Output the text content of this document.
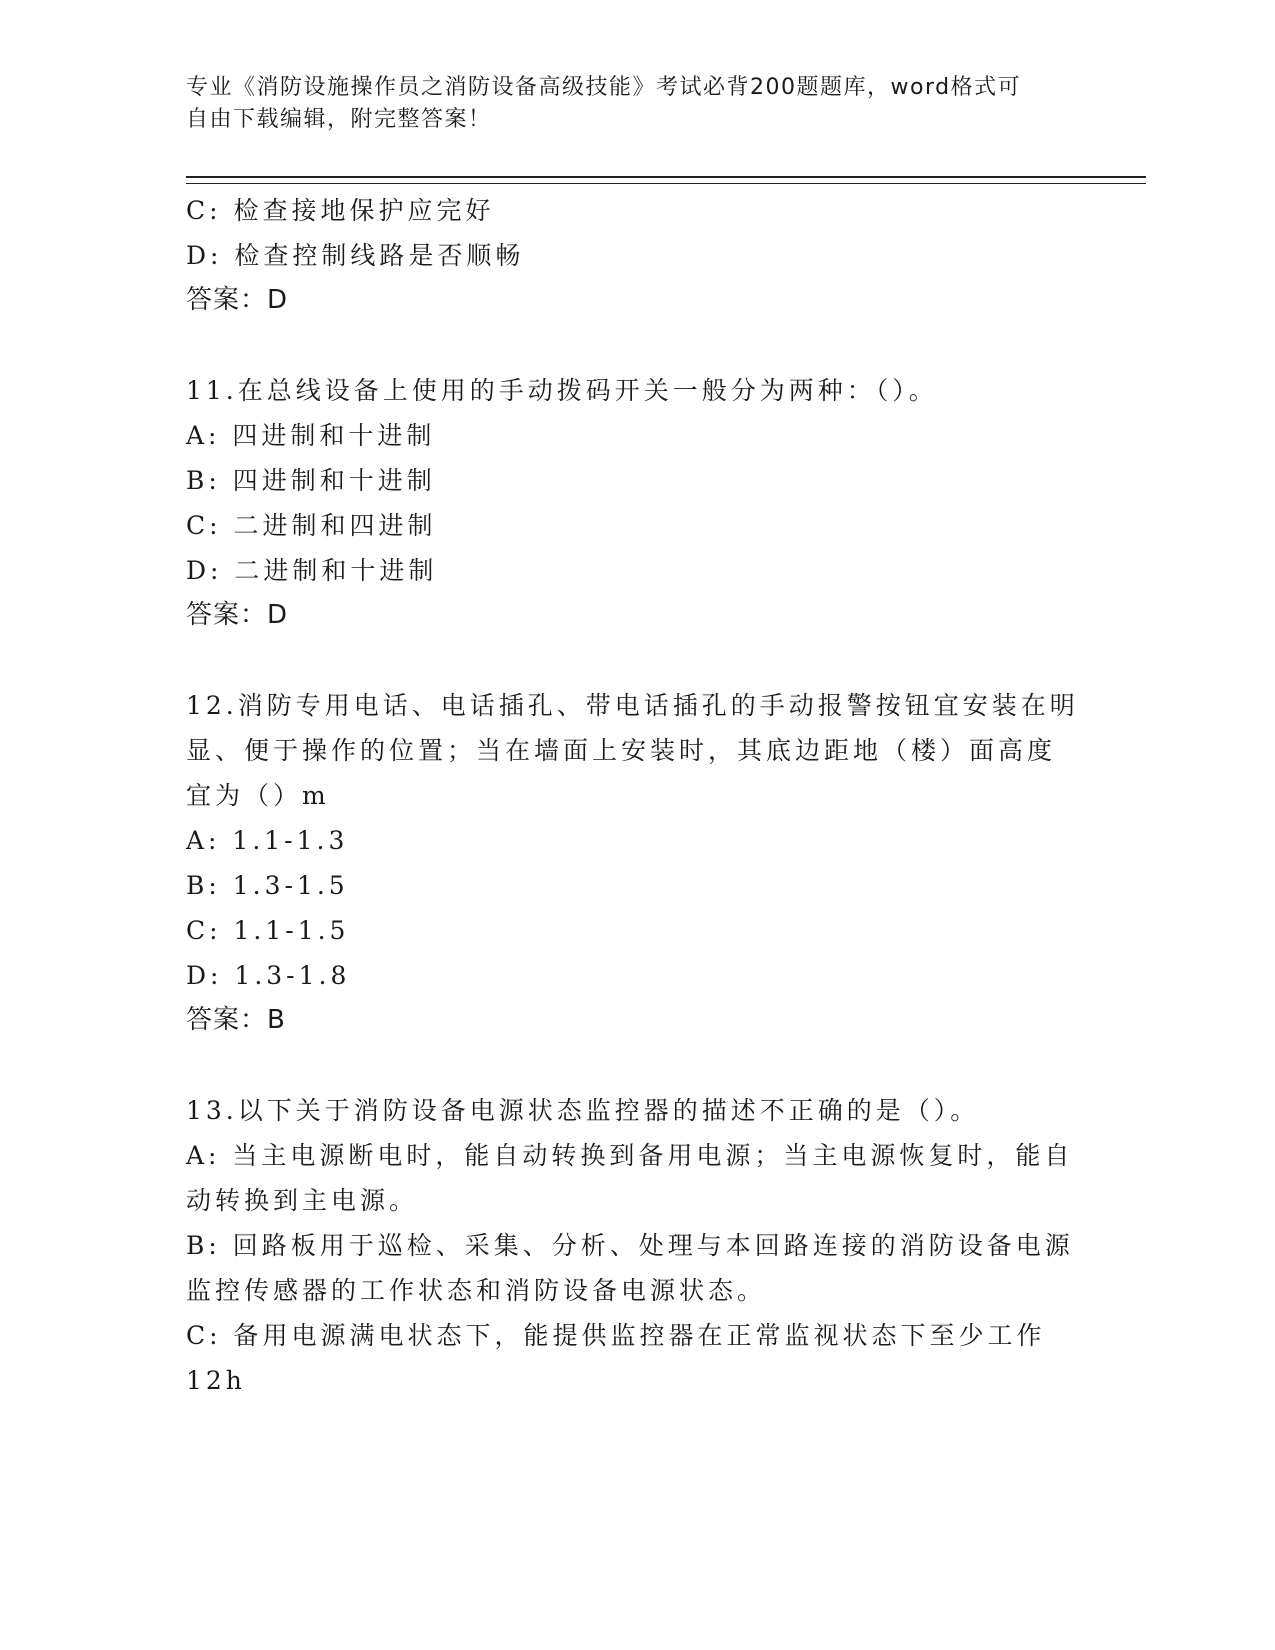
专业《消防设施操作员之消防设备高级技能》考试必背200题题库，word格式可
自由下载编辑，附完整答案！
C: 检查接地保护应完好
D: 检查控制线路是否顺畅
答案：D
11.在总线设备上使用的手动拨码开关一般分为两种：（）。
A: 四进制和十进制
B: 四进制和十进制
C: 二进制和四进制
D: 二进制和十进制
答案：D
12.消防专用电话、电话插孔、带电话插孔的手动报警按钮宜安装在明
显、便于操作的位置；当在墙面上安装时，其底边距地（楼）面高度
宜为（）m
A: 1.1-1.3
B: 1.3-1.5
C: 1.1-1.5
D: 1.3-1.8
答案：B
13.以下关于消防设备电源状态监控器的描述不正确的是（）。
A: 当主电源断电时，能自动转换到备用电源；当主电源恢复时，能自
动转换到主电源。
B: 回路板用于巡检、采集、分析、处理与本回路连接的消防设备电源
监控传感器的工作状态和消防设备电源状态。
C: 备用电源满电状态下，能提供监控器在正常监视状态下至少工作
12h
